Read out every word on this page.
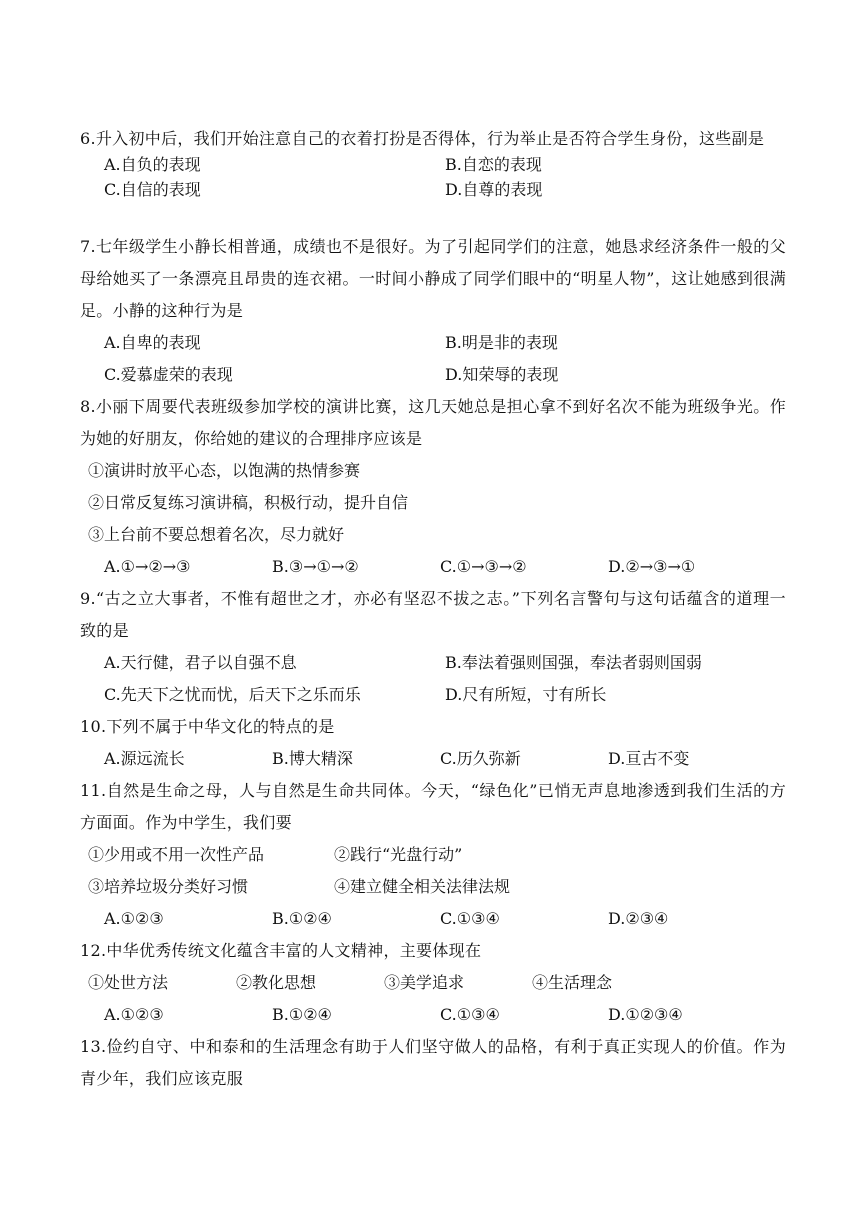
6.升入初中后，我们开始注意自己的衣着打扮是否得体，行为举止是否符合学生身份，这些副是

A.自负的表现	B.自恋的表现
C.自信的表现	D.自尊的表现

7.七年级学生小静长相普通，成绩也不是很好。为了引起同学们的注意，她恳求经济条件一般的父母给她买了一条漂亮且昂贵的连衣裙。一时间小静成了同学们眼中的“明星人物”，这让她感到很满足。小静的这种行为是

A.自卑的表现	B.明是非的表现
C.爱慕虚荣的表现	D.知荣辱的表现

8.小丽下周要代表班级参加学校的演讲比赛，这几天她总是担心拿不到好名次不能为班级争光。作为她的好朋友，你给她的建议的合理排序应该是

①演讲时放平心态，以饱满的热情参赛
②日常反复练习演讲稿，积极行动，提升自信
③上台前不要总想着名次，尽力就好
A.①→②→③	B.③→①→②	C.①→③→②	D.②→③→①

9.“古之立大事者，不惟有超世之才，亦必有坚忍不拔之志。”下列名言警句与这句话蕴含的道理一致的是

A.天行健，君子以自强不息	B.奉法着强则国强，奉法者弱则国弱
C.先天下之忧而忧，后天下之乐而乐	D.尺有所短，寸有所长

10.下列不属于中华文化的特点的是

A.源远流长	B.博大精深	C.历久弥新	D.亘古不变

11.自然是生命之母，人与自然是生命共同体。今天，“绿色化”已悄无声息地渗透到我们生活的方方面面。作为中学生，我们要

①少用或不用一次性产品	②践行“光盘行动”
③培养垃圾分类好习惯	④建立健全相关法律法规
A.①②③	B.①②④	C.①③④	D.②③④

12.中华优秀传统文化蕴含丰富的人文精神，主要体现在

①处世方法	②教化思想	③美学追求	④生活理念
A.①②③	B.①②④	C.①③④	D.①②③④

13.俭约自守、中和泰和的生活理念有助于人们坚守做人的品格，有利于真正实现人的价值。作为青少年，我们应该克服
